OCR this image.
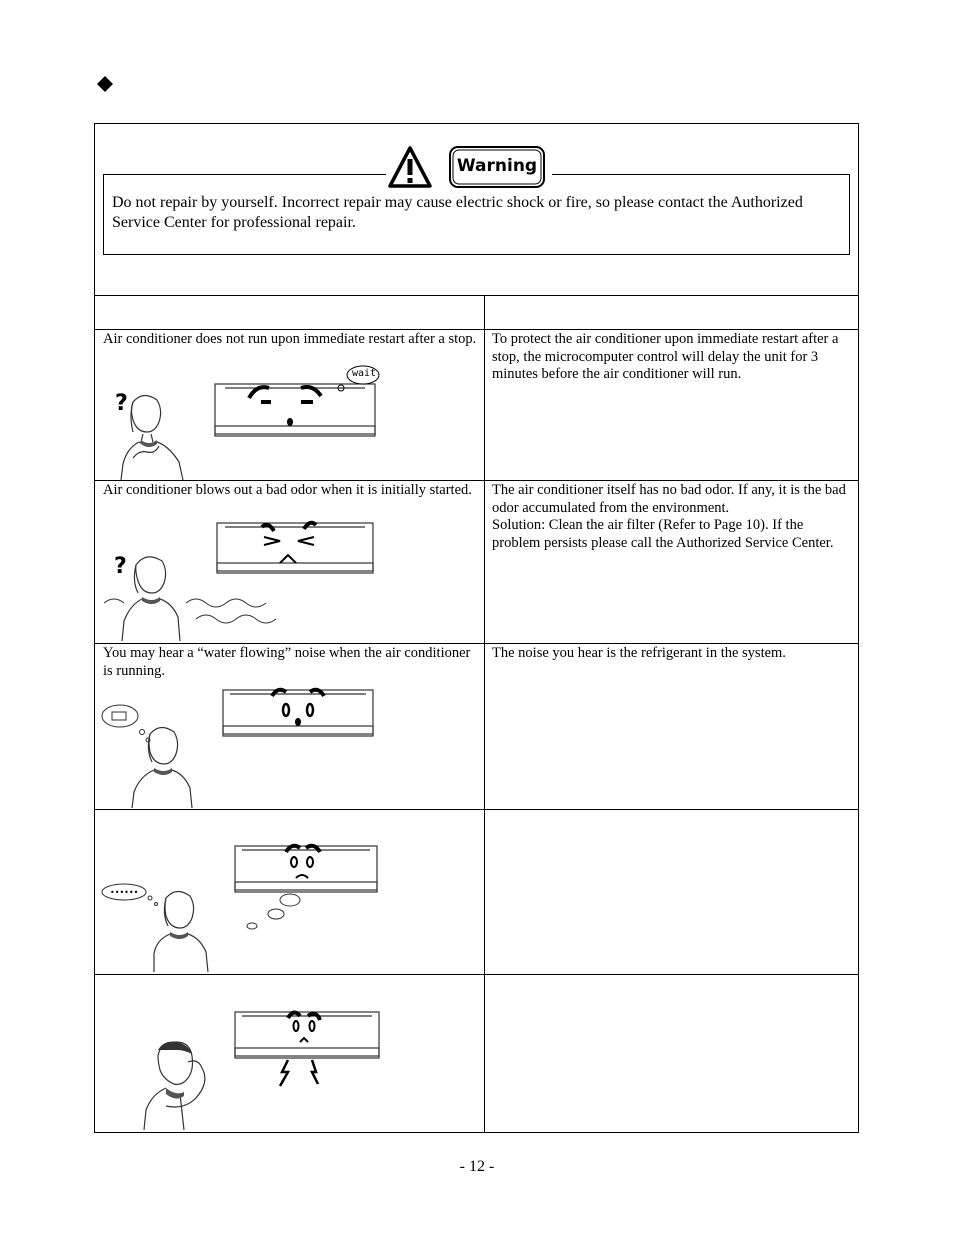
Warning
Do not repair by yourself. Incorrect repair may cause electric shock or fire, so please contact the Authorized Service Center for professional repair.
Air conditioner does not run upon immediate restart after a stop. To protect the air conditioner upon immediate restart after a stop, the microcomputer control will delay the unit for 3 minutes before the air conditioner will run.
?
wait
Air conditioner blows out a bad odor when it is initially started.	The air conditioner itself has no bad odor. If any, it is the bad odor accumulated from the environment.
Solution: Clean the air filter (Refer to Page 10). If the problem persists please call the Authorized Service Center.
?
You may hear a “water flowing” noise when the air conditioner is running.
The noise you hear is the refrigerant in the system.
••••••
- 12 -
